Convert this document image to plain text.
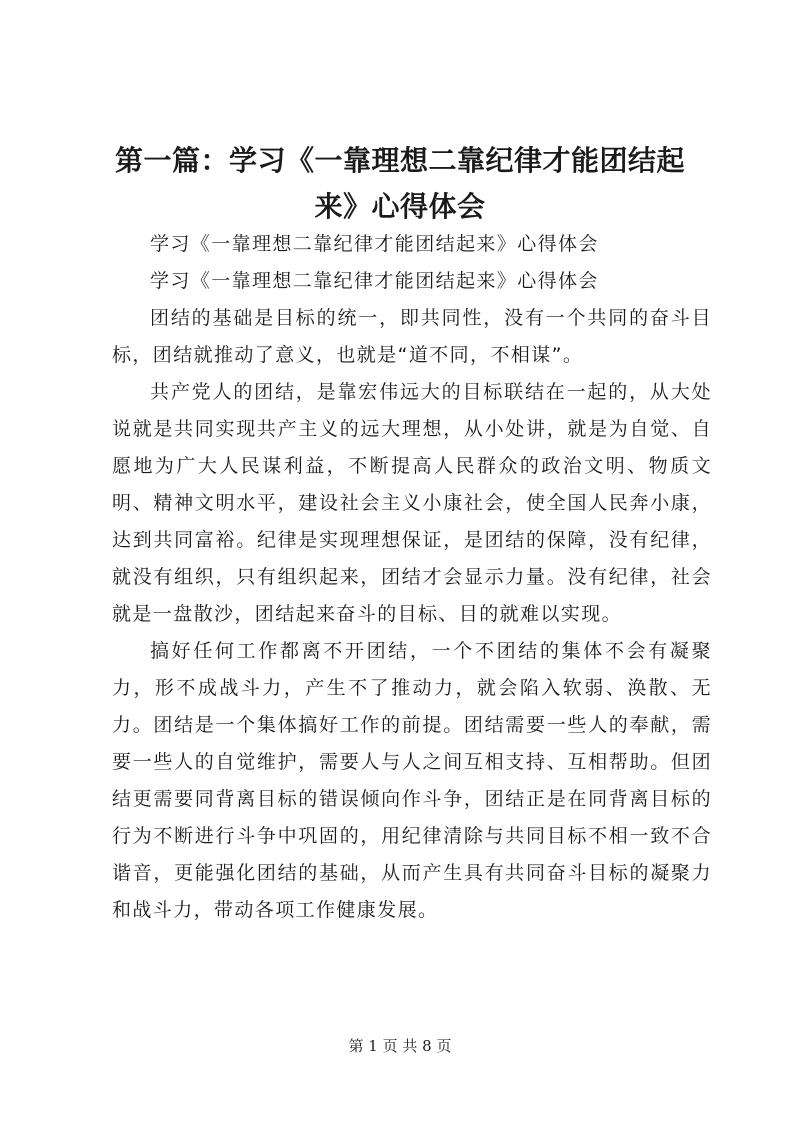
第一篇：学习《一靠理想二靠纪律才能团结起来》心得体会

学习《一靠理想二靠纪律才能团结起来》心得体会

学习《一靠理想二靠纪律才能团结起来》心得体会

团结的基础是目标的统一，即共同性，没有一个共同的奋斗目标，团结就推动了意义，也就是“道不同，不相谋”。

共产党人的团结，是靠宏伟远大的目标联结在一起的，从大处说就是共同实现共产主义的远大理想，从小处讲，就是为自觉、自愿地为广大人民谋利益，不断提高人民群众的政治文明、物质文明、精神文明水平，建设社会主义小康社会，使全国人民奔小康，达到共同富裕。纪律是实现理想保证，是团结的保障，没有纪律，就没有组织，只有组织起来，团结才会显示力量。没有纪律，社会就是一盘散沙，团结起来奋斗的目标、目的就难以实现。

搞好任何工作都离不开团结，一个不团结的集体不会有凝聚力，形不成战斗力，产生不了推动力，就会陷入软弱、涣散、无力。团结是一个集体搞好工作的前提。团结需要一些人的奉献，需要一些人的自觉维护，需要人与人之间互相支持、互相帮助。但团结更需要同背离目标的错误倾向作斗争，团结正是在同背离目标的行为不断进行斗争中巩固的，用纪律清除与共同目标不相一致不合谐音，更能强化团结的基础，从而产生具有共同奋斗目标的凝聚力和战斗力，带动各项工作健康发展。

第 1 页 共 8 页
